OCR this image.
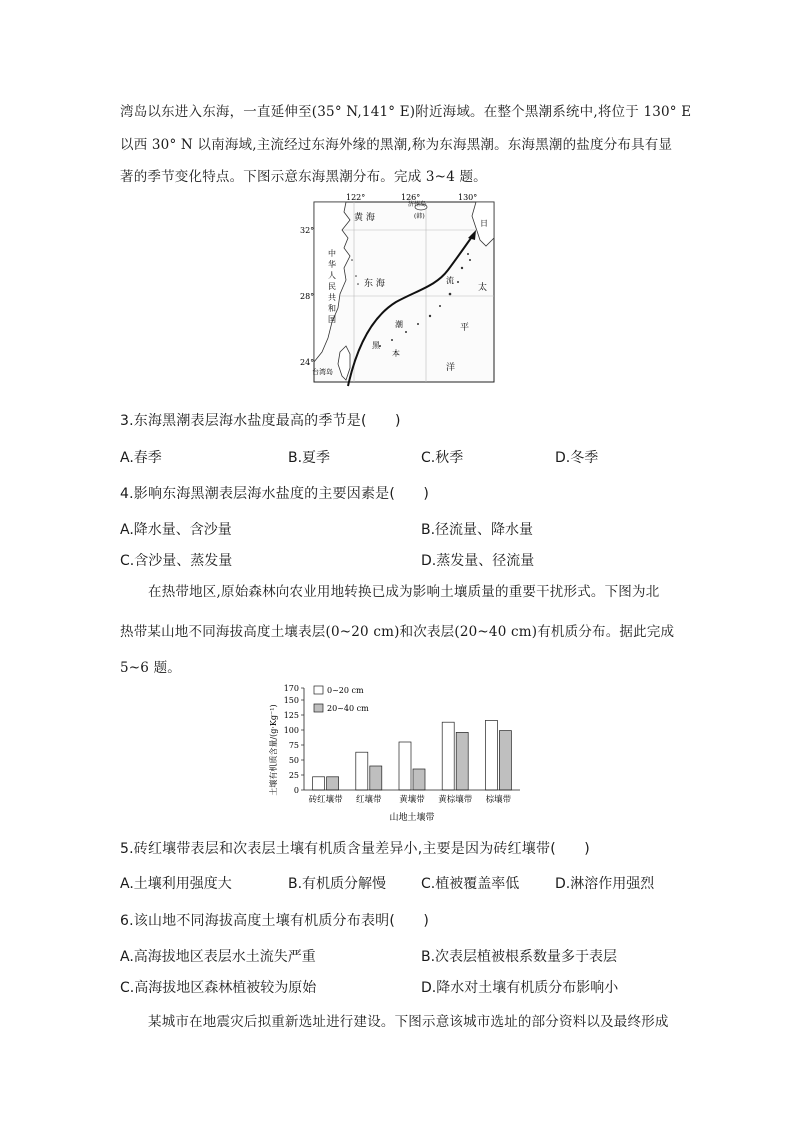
湾岛以东进入东海，一直延伸至(35° N,141° E)附近海域。在整个黑潮系统中,将位于 130° E
以西 30° N 以南海域,主流经过东海外缘的黑潮,称为东海黑潮。东海黑潮的盐度分布具有显
著的季节变化特点。下图示意东海黑潮分布。完成 3~4 题。
122°	126°	130°
32°
28°
24°
黄 海
济州岛
(韩)
日
中
华
人
民
共
和
国
东 海	流
潮
黑
本
太
平
洋
台湾岛
3.东海黑潮表层海水盐度最高的季节是(　　)
A.春季	B.夏季	C.秋季	D.冬季
4.影响东海黑潮表层海水盐度的主要因素是(　　)
A.降水量、含沙量	B.径流量、降水量
C.含沙量、蒸发量	D.蒸发量、径流量
在热带地区,原始森林向农业用地转换已成为影响土壤质量的重要干扰形式。下图为北
热带某山地不同海拔高度土壤表层(0~20 cm)和次表层(20~40 cm)有机质分布。据此完成
5~6 题。
土壤有机质含量/(g·Kg⁻¹) 0
25
50
75
100
125
150
170
砖红壤带 红壤带 黄壤带 黄棕壤带 棕壤带
0~20 cm
20~40 cm
山地土壤带
5.砖红壤带表层和次表层土壤有机质含量差异小,主要是因为砖红壤带(　　)
A.土壤利用强度大	B.有机质分解慢 C.植被覆盖率低	D.淋溶作用强烈
6.该山地不同海拔高度土壤有机质分布表明(　　)
A.高海拔地区表层水土流失严重	B.次表层植被根系数量多于表层
C.高海拔地区森林植被较为原始	D.降水对土壤有机质分布影响小
某城市在地震灾后拟重新选址进行建设。下图示意该城市选址的部分资料以及最终形成
